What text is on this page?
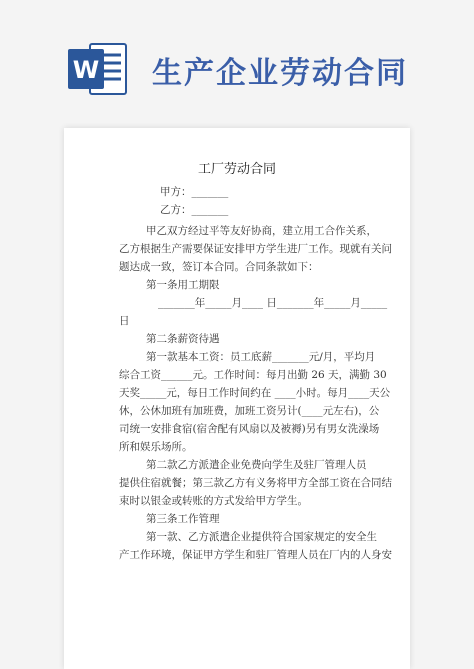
W 生产企业劳动合同
工厂劳动合同
甲方：_______
乙方：_______
甲乙双方经过平等友好协商，建立用工合作关系，
乙方根据生产需要保证安排甲方学生进厂工作。现就有关问
题达成一致，签订本合同。合同条款如下：
第一条用工期限
_______年_____月____ 日_______年_____月_____
日
第二条薪资待遇
第一款基本工资：员工底薪_______元/月，平均月
综合工资______元。工作时间：每月出勤 26 天，满勤 30
天奖_____元，每日工作时间约在 ____小时。每月____天公
休，公休加班有加班费，加班工资另计(____元左右)，公
司统一安排食宿(宿舍配有风扇以及被褥)另有男女洗澡场
所和娱乐场所。
第二款乙方派遣企业免费向学生及驻厂管理人员
提供住宿就餐；第三款乙方有义务将甲方全部工资在合同结
束时以银金或转账的方式发给甲方学生。
第三条工作管理
第一款、乙方派遣企业提供符合国家规定的安全生
产工作环境，保证甲方学生和驻厂管理人员在厂内的人身安
